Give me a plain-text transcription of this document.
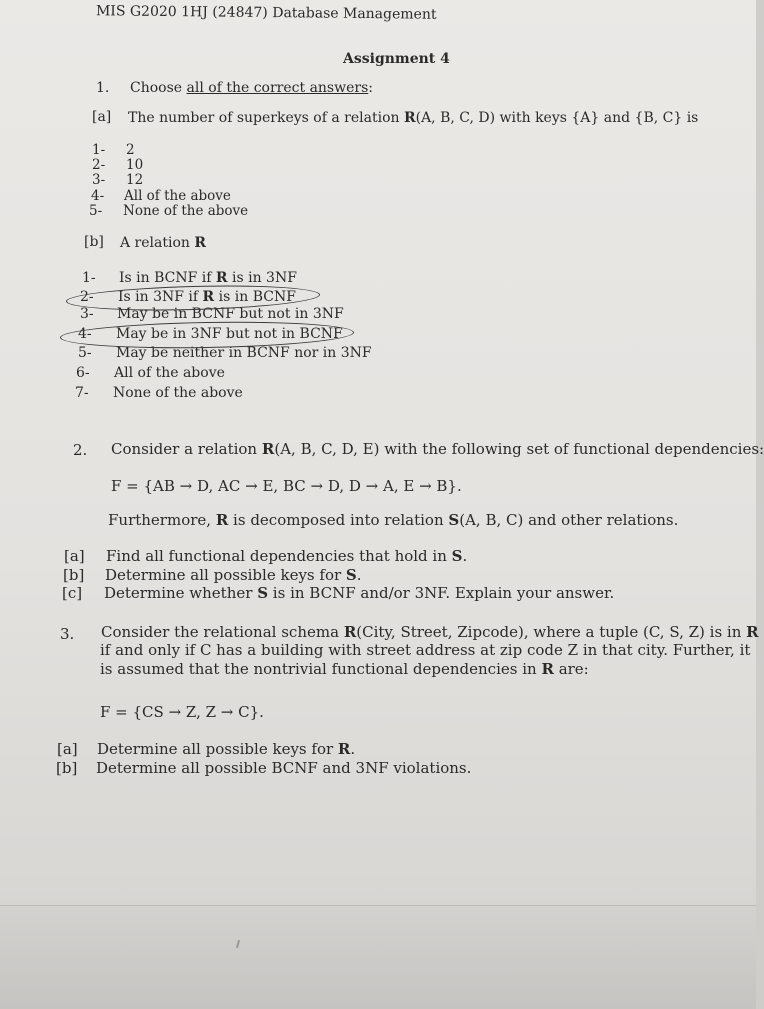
MIS G2020 1HJ (24847) Database Management
Assignment 4
1. Choose all of the correct answers:
[a] The number of superkeys of a relation R(A, B, C, D) with keys {A} and {B, C} is
1- 2
2- 10
3- 12
4- All of the above
5- None of the above
[b] A relation R
1- Is in BCNF if R is in 3NF
2- Is in 3NF if R is in BCNF
3- May be in BCNF but not in 3NF
4- May be in 3NF but not in BCNF
5- May be neither in BCNF nor in 3NF
6- All of the above
7- None of the above
2. Consider a relation R(A, B, C, D, E) with the following set of functional dependencies:
F = {AB → D, AC → E, BC → D, D → A, E → B}.
Furthermore, R is decomposed into relation S(A, B, C) and other relations.
[a] Find all functional dependencies that hold in S.
[b] Determine all possible keys for S.
[c] Determine whether S is in BCNF and/or 3NF. Explain your answer.
3. Consider the relational schema R(City, Street, Zipcode), where a tuple (C, S, Z) is in R
if and only if C has a building with street address at zip code Z in that city. Further, it
is assumed that the nontrivial functional dependencies in R are:
F = {CS → Z, Z → C}.
[a] Determine all possible keys for R.
[b] Determine all possible BCNF and 3NF violations.
